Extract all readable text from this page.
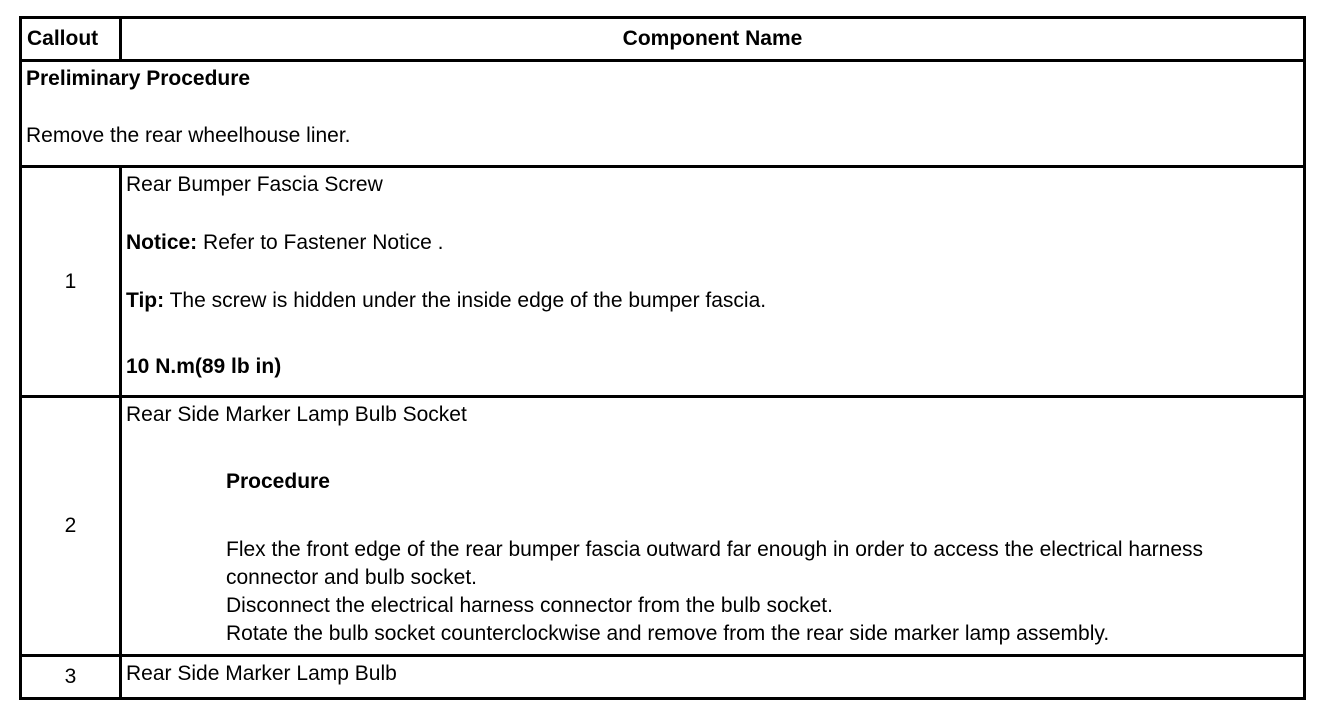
Callout	Component Name

Preliminary Procedure
Remove the rear wheelhouse liner.	

1	Rear Bumper Fascia Screw
Notice: Refer to Fastener Notice .
Tip: The screw is hidden under the inside edge of the bumper fascia.
10 N.m(89 lb in)

2	Rear Side Marker Lamp Bulb Socket
Procedure
Flex the front edge of the rear bumper fascia outward far enough in order to access the electrical harness connector and bulb socket.
Disconnect the electrical harness connector from the bulb socket.
Rotate the bulb socket counterclockwise and remove from the rear side marker lamp assembly.

3	Rear Side Marker Lamp Bulb
